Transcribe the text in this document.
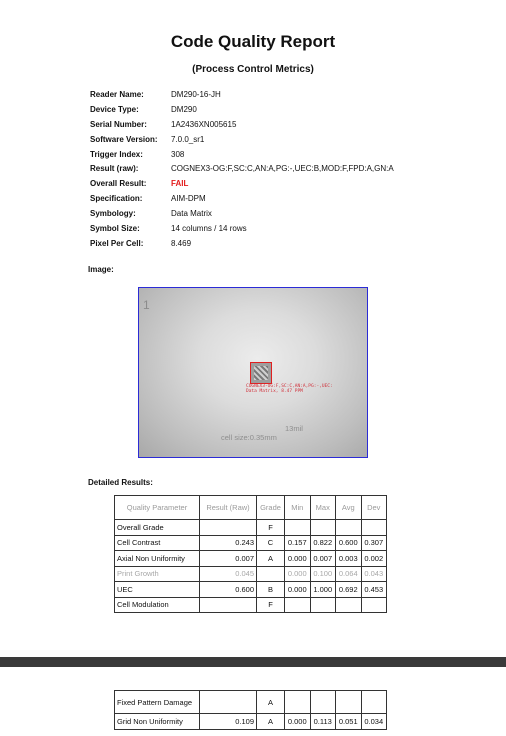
Code Quality Report
(Process Control Metrics)
Reader Name:	DM290-16-JH
Device Type:	DM290
Serial Number:	1A2436XN005615
Software Version:	7.0.0_sr1
Trigger Index:	308
Result (raw):	COGNEX3-OG:F,SC:C,AN:A,PG:-,UEC:B,MOD:F,FPD:A,GN:A
Overall Result:	FAIL
Specification:	AIM-DPM
Symbology:	Data Matrix
Symbol Size:	14 columns / 14 rows
Pixel Per Cell:	8.469
Image:
1
COGNEX3-OG:F,SC:C,AN:A,PG:-,UEC:
Data Matrix, 8.47 PPM
13mil
cell size:0.35mm
Detailed Results:
Quality Parameter	Result (Raw)	Grade	Min	Max	Avg	Dev
Overall Grade		F				
Cell Contrast	0.243	C	0.157	0.822	0.600	0.307
Axial Non Uniformity	0.007	A	0.000	0.007	0.003	0.002
Print Growth	0.045		0.000	0.100	0.064	0.043
UEC	0.600	B	0.000	1.000	0.692	0.453
Cell Modulation		F				
Fixed Pattern Damage		A				
Grid Non Uniformity	0.109	A	0.000	0.113	0.051	0.034
